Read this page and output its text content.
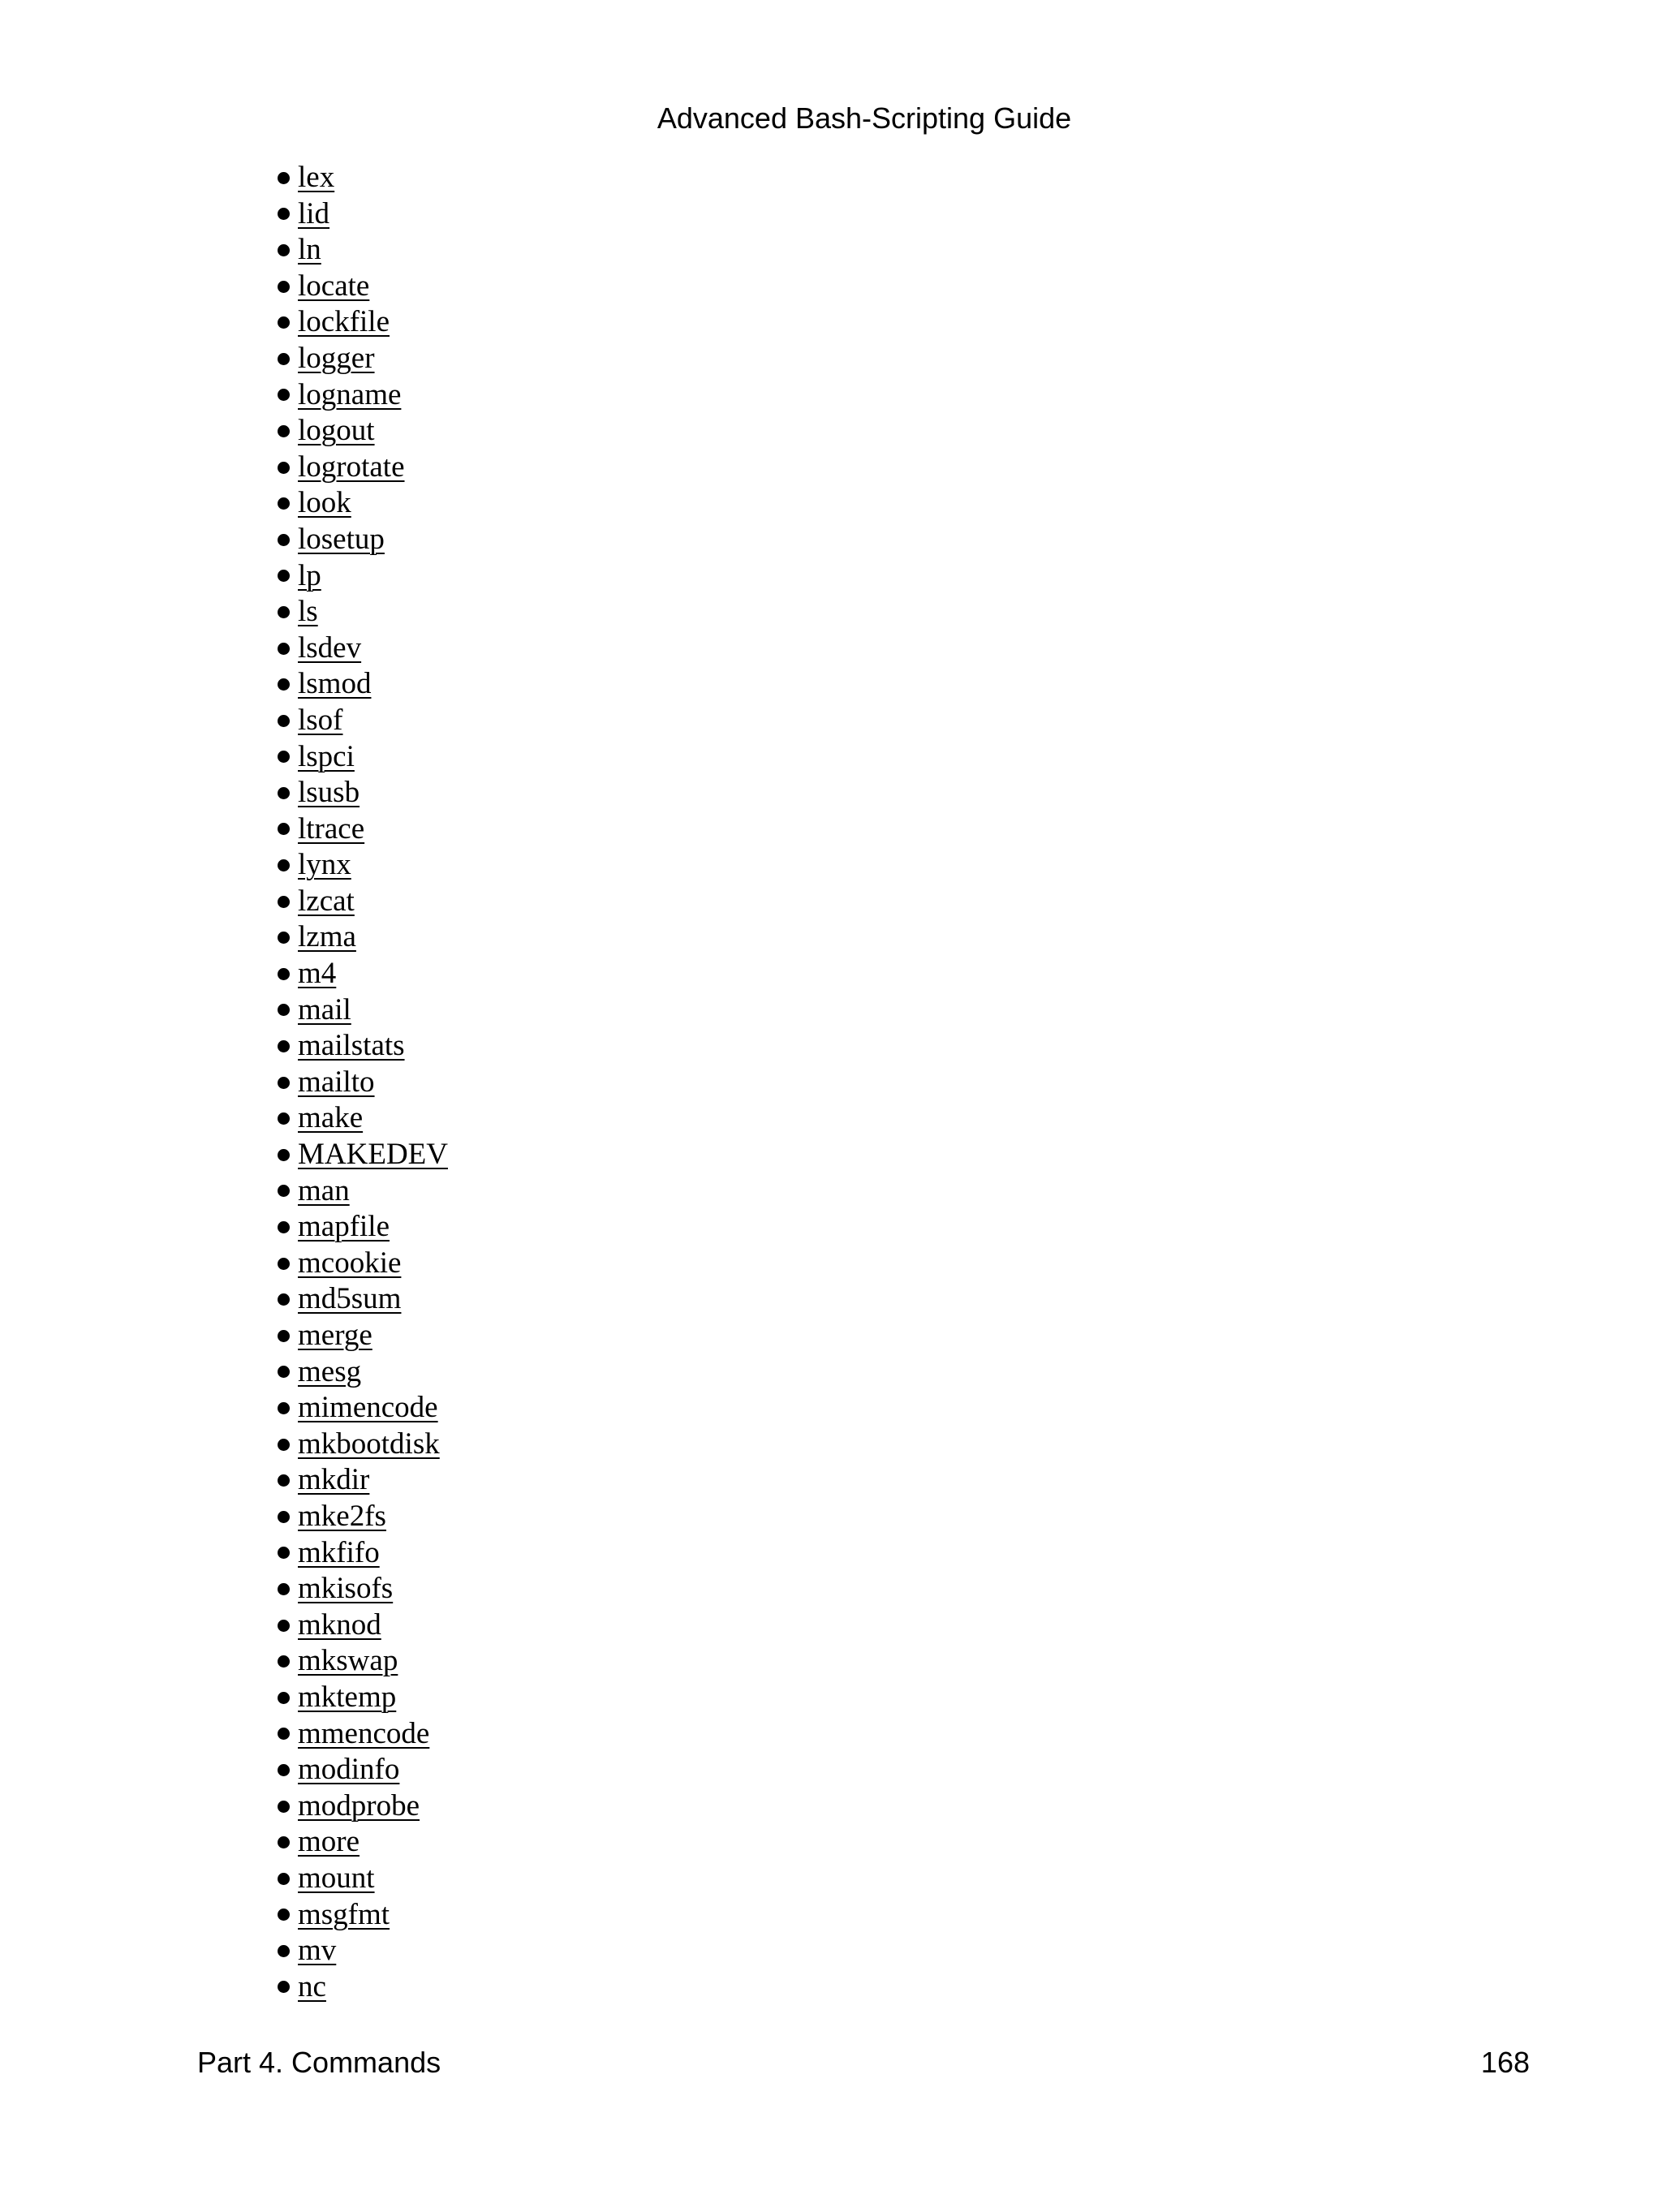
Advanced Bash-Scripting Guide
lex
lid
ln
locate
lockfile
logger
logname
logout
logrotate
look
losetup
lp
ls
lsdev
lsmod
lsof
lspci
lsusb
ltrace
lynx
lzcat
lzma
m4
mail
mailstats
mailto
make
MAKEDEV
man
mapfile
mcookie
md5sum
merge
mesg
mimencode
mkbootdisk
mkdir
mke2fs
mkfifo
mkisofs
mknod
mkswap
mktemp
mmencode
modinfo
modprobe
more
mount
msgfmt
mv
nc
Part 4. Commands	168
